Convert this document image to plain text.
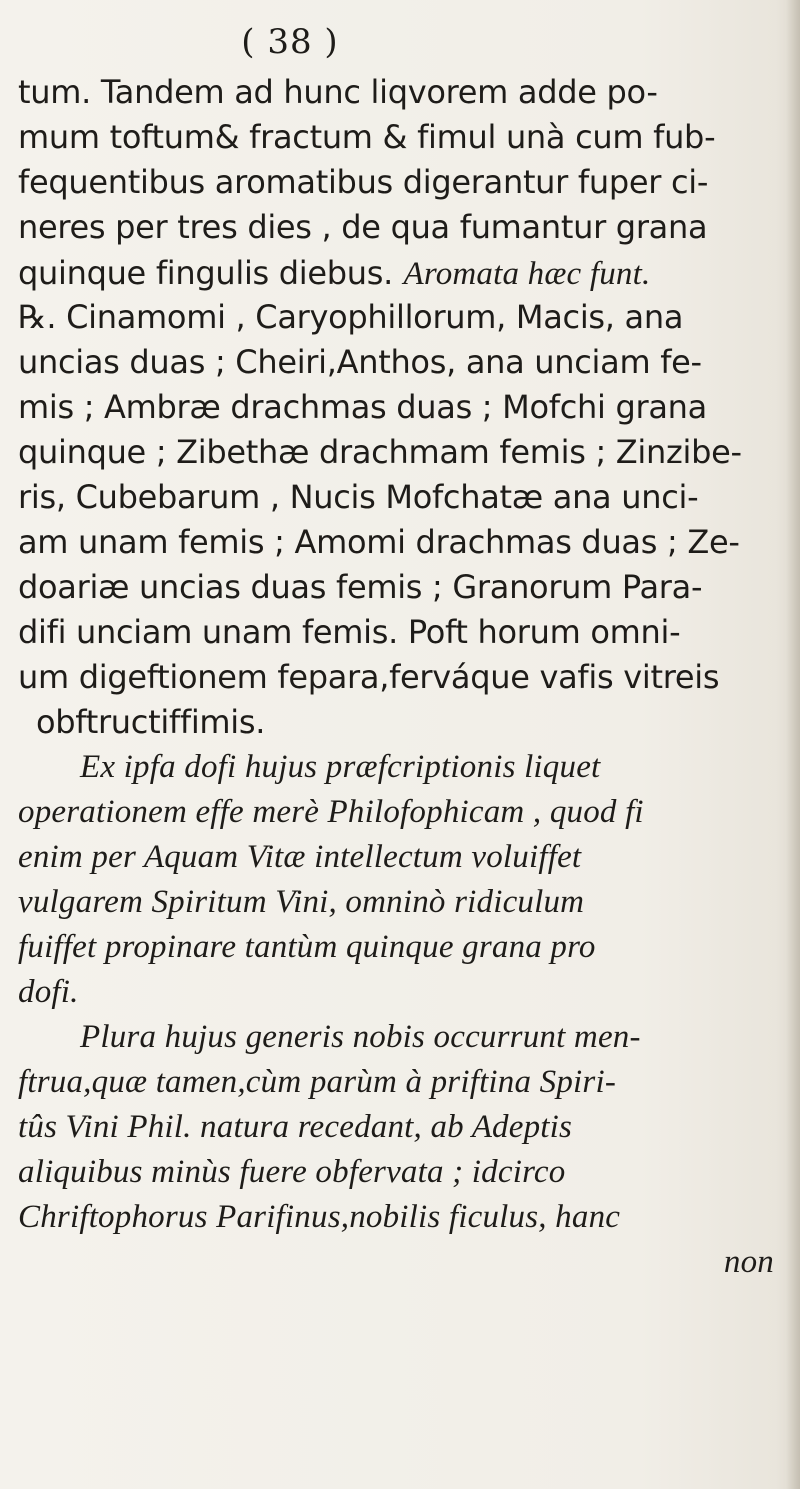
( 38 )
tum. Tandem ad hunc liqvorem adde po-
mum toftum& fractum & fimul unà cum fub-
fequentibus aromatibus digerantur fuper ci-
neres per tres dies , de qua fumantur grana
quinque fingulis diebus. Aromata hæc funt.
℞. Cinamomi , Caryophillorum, Macis, ana
uncias duas ; Cheiri,Anthos, ana unciam fe-
mis ; Ambræ drachmas duas ; Mofchi grana
quinque ; Zibethæ drachmam femis ; Zinzibe-
ris, Cubebarum , Nucis Mofchatæ ana unci-
am unam femis ; Amomi drachmas duas ; Ze-
doariæ uncias duas femis ; Granorum Para-
difi unciam unam femis. Poft horum omni-
um digeftionem fepara,ferváque vafis vitreis
obftructiffimis.
Ex ipfa dofi hujus præfcriptionis liquet
operationem effe merè Philofophicam , quod fi
enim per Aquam Vitæ intellectum voluiffet
vulgarem Spiritum Vini, omninò ridiculum
fuiffet propinare tantùm quinque grana pro
dofi.
Plura hujus generis nobis occurrunt men-
ftrua,quæ tamen,cùm parùm à priftina Spiri-
tûs Vini Phil. natura recedant, ab Adeptis
aliquibus minùs fuere obfervata ; idcirco
Chriftophorus Parifinus,nobilis ficulus, hanc
non
